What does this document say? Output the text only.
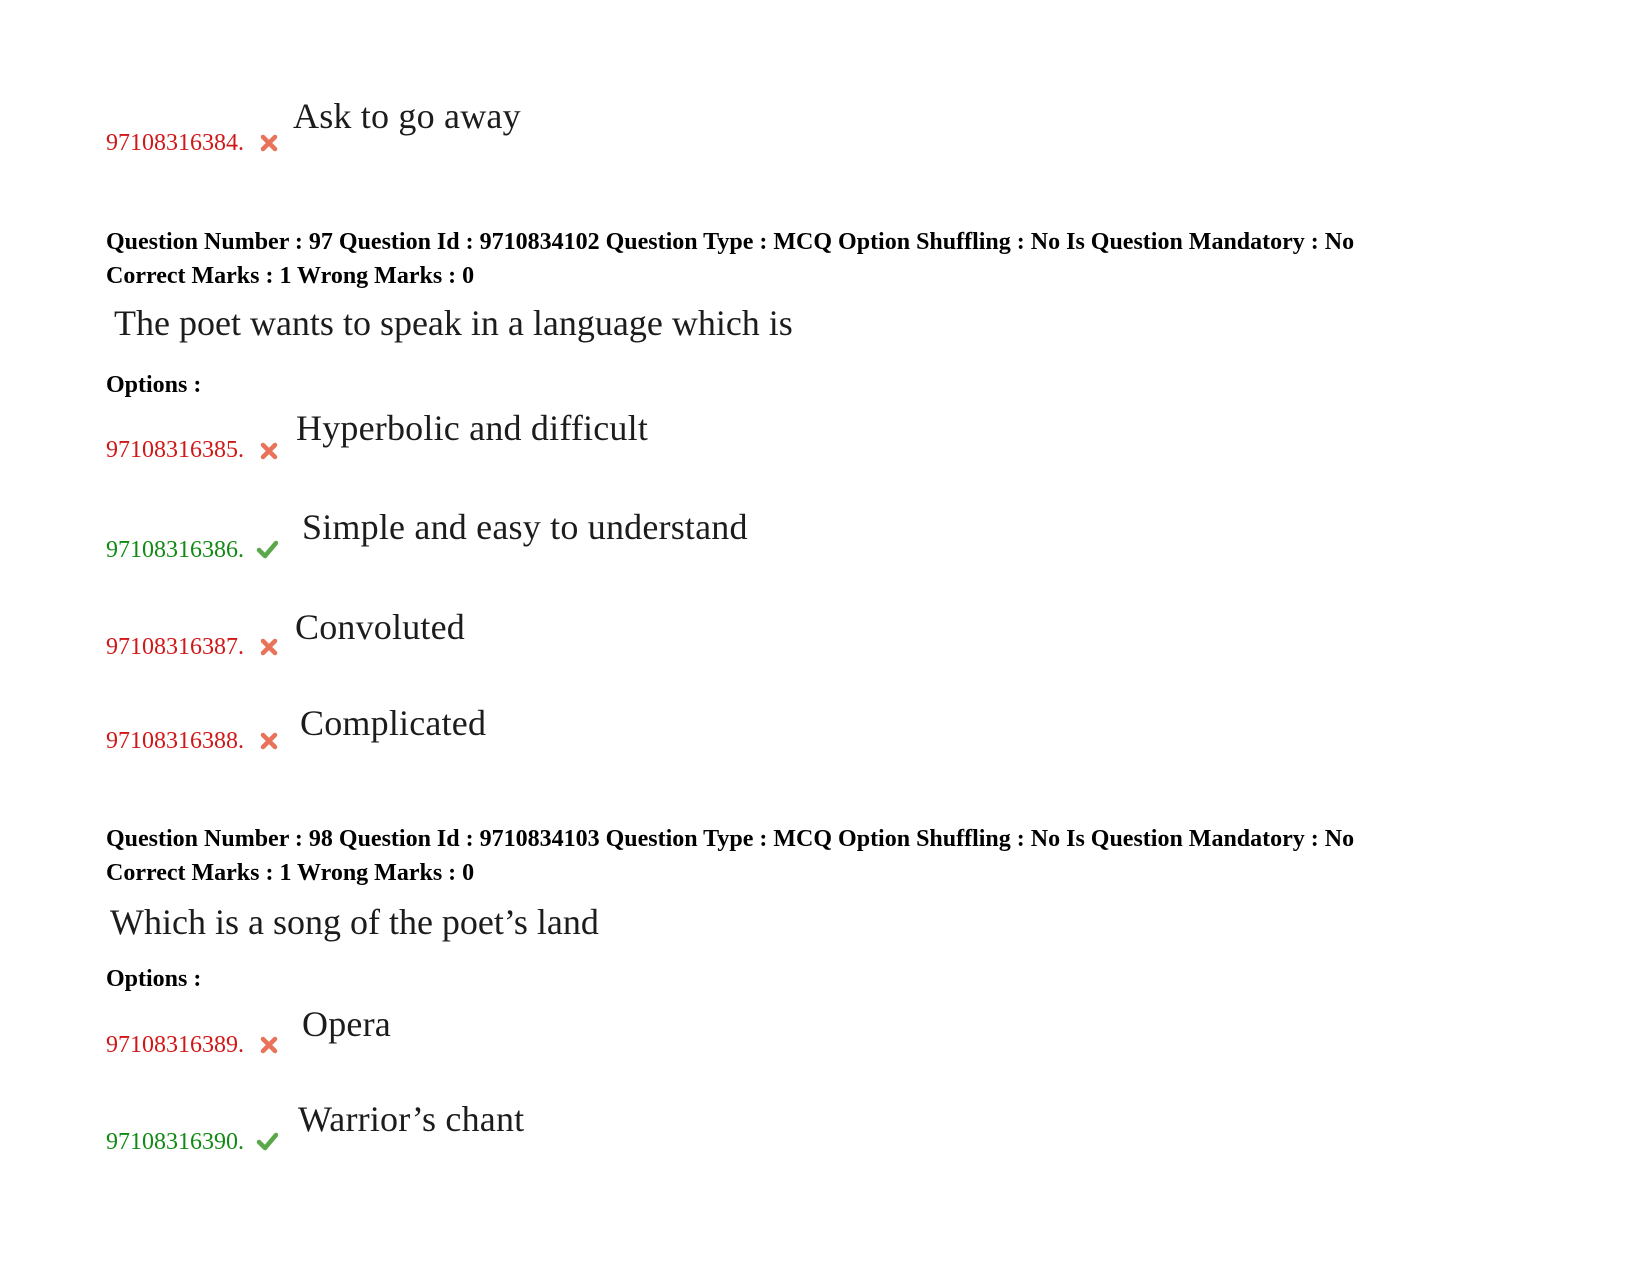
97108316384.
Ask to go away
Question Number : 97 Question Id : 9710834102 Question Type : MCQ Option Shuffling : No Is Question Mandatory : No
Correct Marks : 1 Wrong Marks : 0
The poet wants to speak in a language which is
Options :
97108316385.
Hyperbolic and difficult
97108316386.
Simple and easy to understand
97108316387. Convoluted
97108316388. Complicated
Question Number : 98 Question Id : 9710834103 Question Type : MCQ Option Shuffling : No Is Question Mandatory : No
Correct Marks : 1 Wrong Marks : 0
Which is a song of the poet’s land
Options :
97108316389.
Opera
97108316390.
Warrior’s chant
